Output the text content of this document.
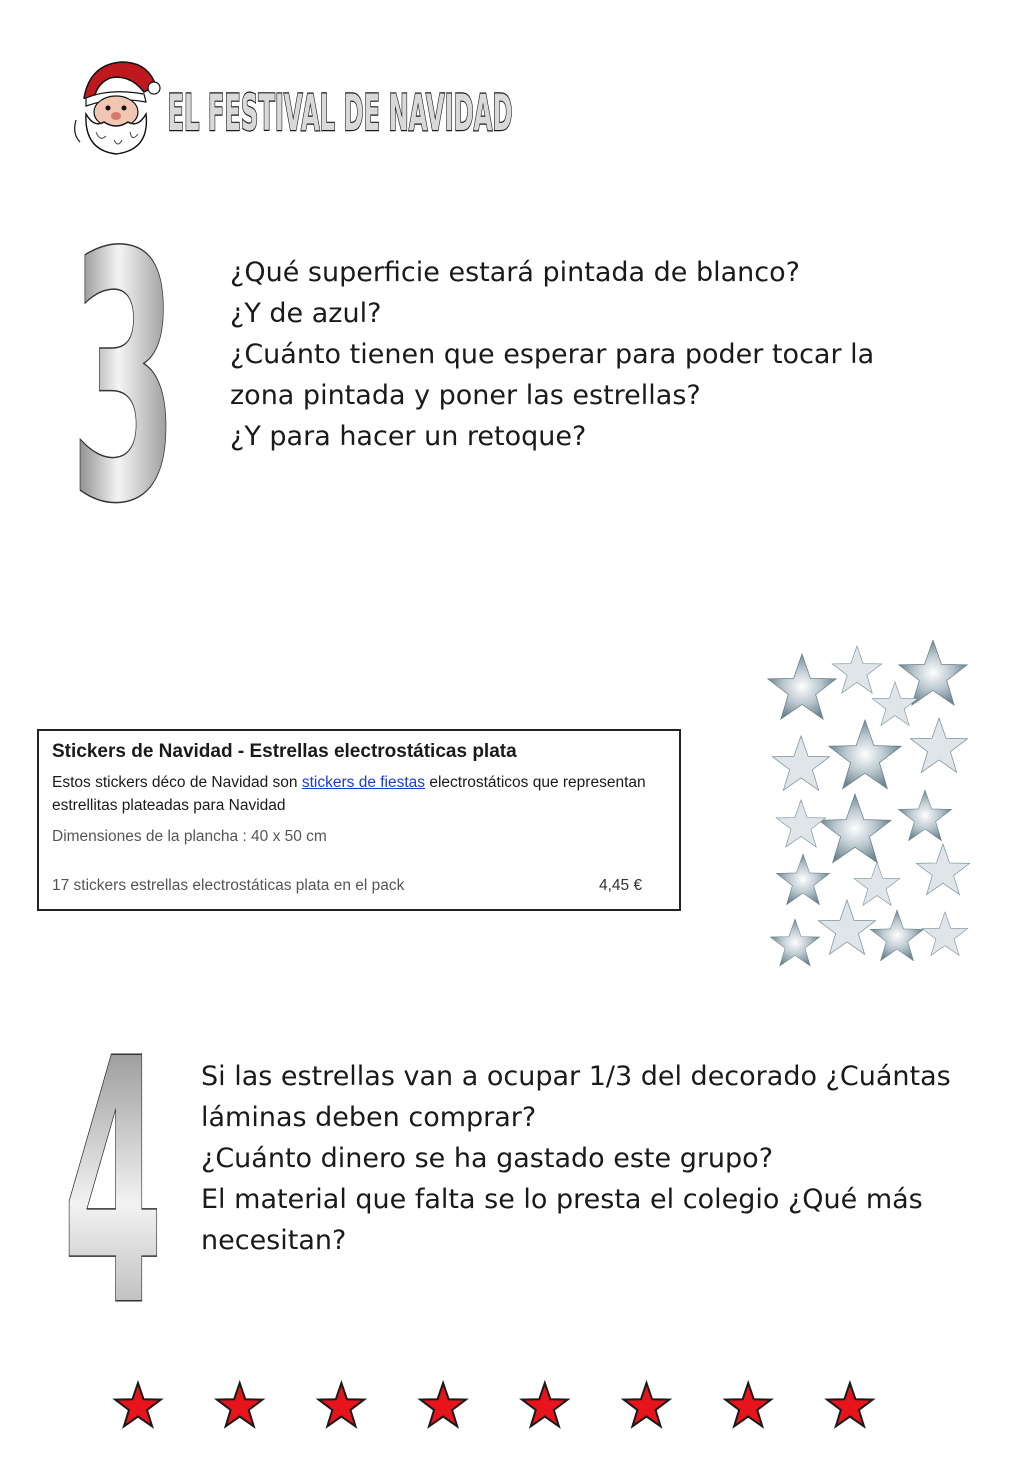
EL FESTIVAL DE NAVIDAD
3 ¿Qué superficie estará pintada de blanco?

¿Y de azul?

¿Cuánto tienen que esperar para poder tocar la

zona pintada y poner las estrellas?

¿Y para hacer un retoque?

Stickers de Navidad - Estrellas electrostáticas plata
Estos stickers déco de Navidad son stickers de fiestas electrostáticos que representan estrellitas plateadas para Navidad
Dimensiones de la plancha : 40 x 50 cm
17 stickers estrellas electrostáticas plata en el pack	4,45 €
4 Si las estrellas van a ocupar 1/3 del decorado ¿Cuántas

láminas deben comprar?

¿Cuánto dinero se ha gastado este grupo?

El material que falta se lo presta el colegio ¿Qué más

necesitan?
